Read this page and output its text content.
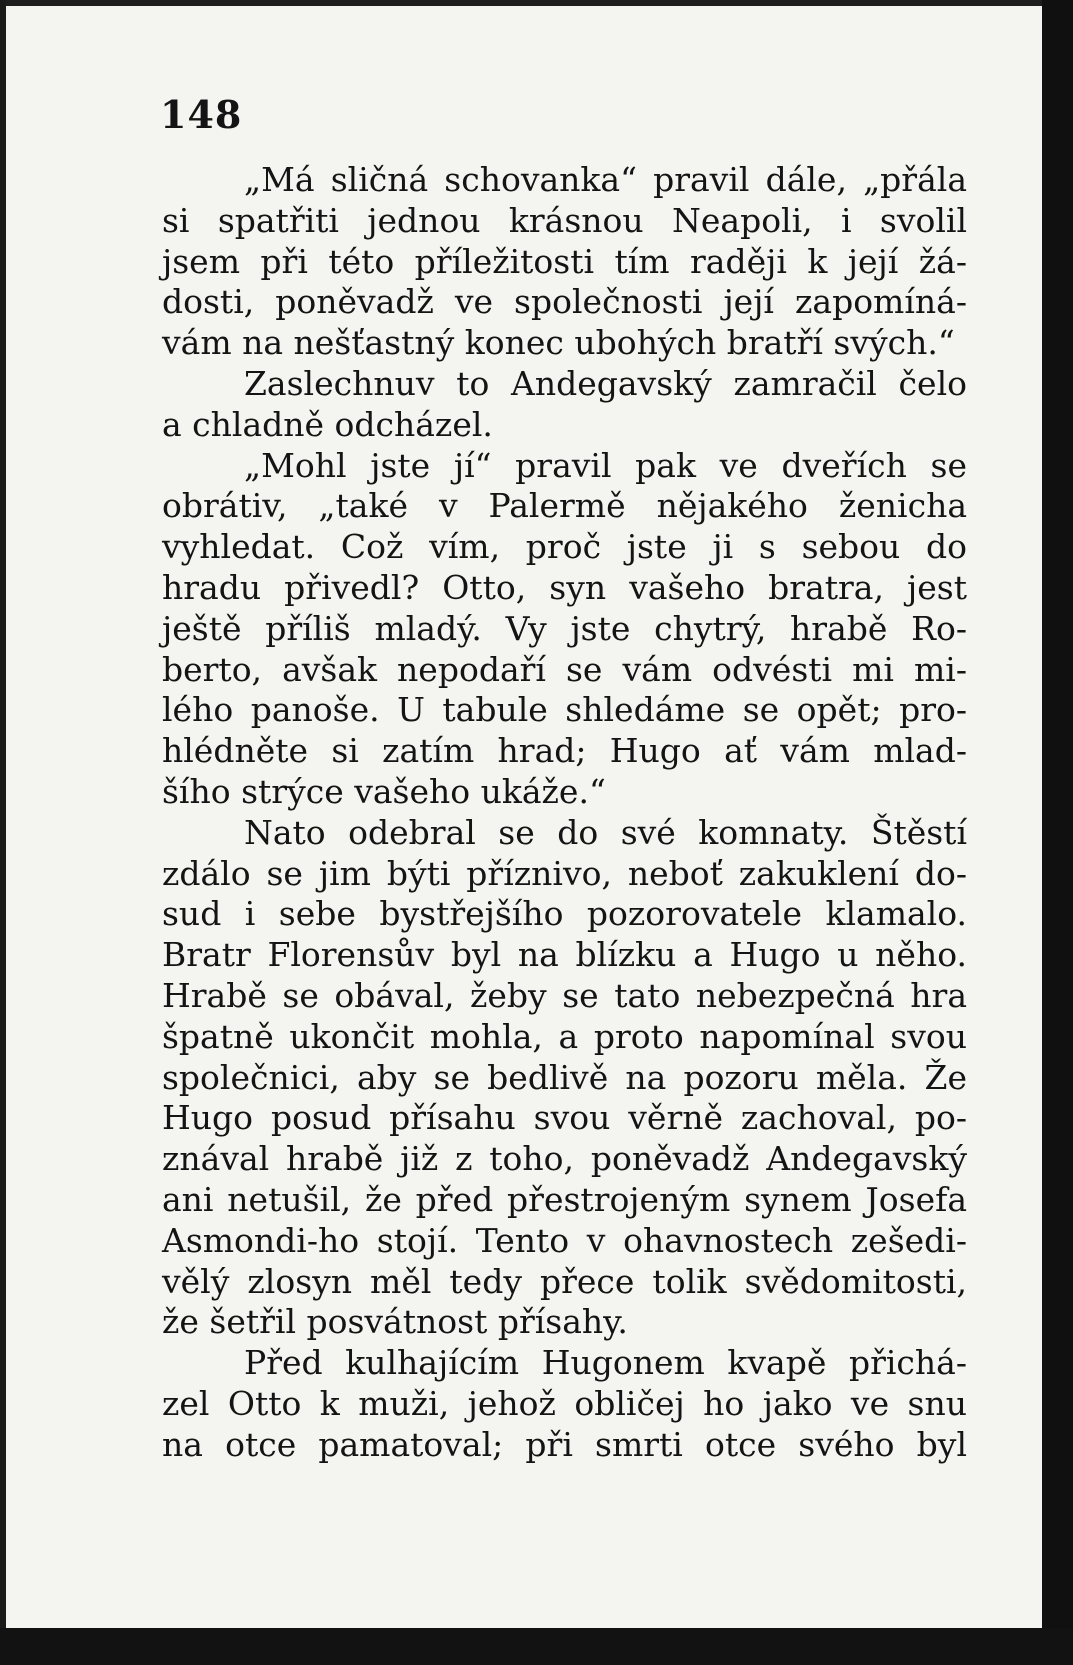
148
„Má sličná schovanka“ pravil dále, „přála
si spatřiti jednou krásnou Neapoli, i svolil
jsem při této příležitosti tím raději k její žá-
dosti, poněvadž ve společnosti její zapomíná-
vám na nešťastný konec ubohých bratří svých.“
Zaslechnuv to Andegavský zamračil čelo
a chladně odcházel.
„Mohl jste jí“ pravil pak ve dveřích se
obrátiv, „také v Palermě nějakého ženicha
vyhledat. Což vím, proč jste ji s sebou do
hradu přivedl? Otto, syn vašeho bratra, jest
ještě příliš mladý. Vy jste chytrý, hrabě Ro-
berto, avšak nepodaří se vám odvésti mi mi-
lého panoše. U tabule shledáme se opět; pro-
hlédněte si zatím hrad; Hugo ať vám mlad-
šího strýce vašeho ukáže.“
Nato odebral se do své komnaty. Štěstí
zdálo se jim býti příznivo, neboť zakuklení do-
sud i sebe bystřejšího pozorovatele klamalo.
Bratr Florensův byl na blízku a Hugo u něho.
Hrabě se obával, žeby se tato nebezpečná hra
špatně ukončit mohla, a proto napomínal svou
společnici, aby se bedlivě na pozoru měla. Že
Hugo posud přísahu svou věrně zachoval, po-
znával hrabě již z toho, poněvadž Andegavský
ani netušil, že před přestrojeným synem Josefa
Asmondi-ho stojí. Tento v ohavnostech zešedi-
vělý zlosyn měl tedy přece tolik svědomitosti,
že šetřil posvátnost přísahy.
Před kulhajícím Hugonem kvapě přichá-
zel Otto k muži, jehož obličej ho jako ve snu
na otce pamatoval; při smrti otce svého byl
